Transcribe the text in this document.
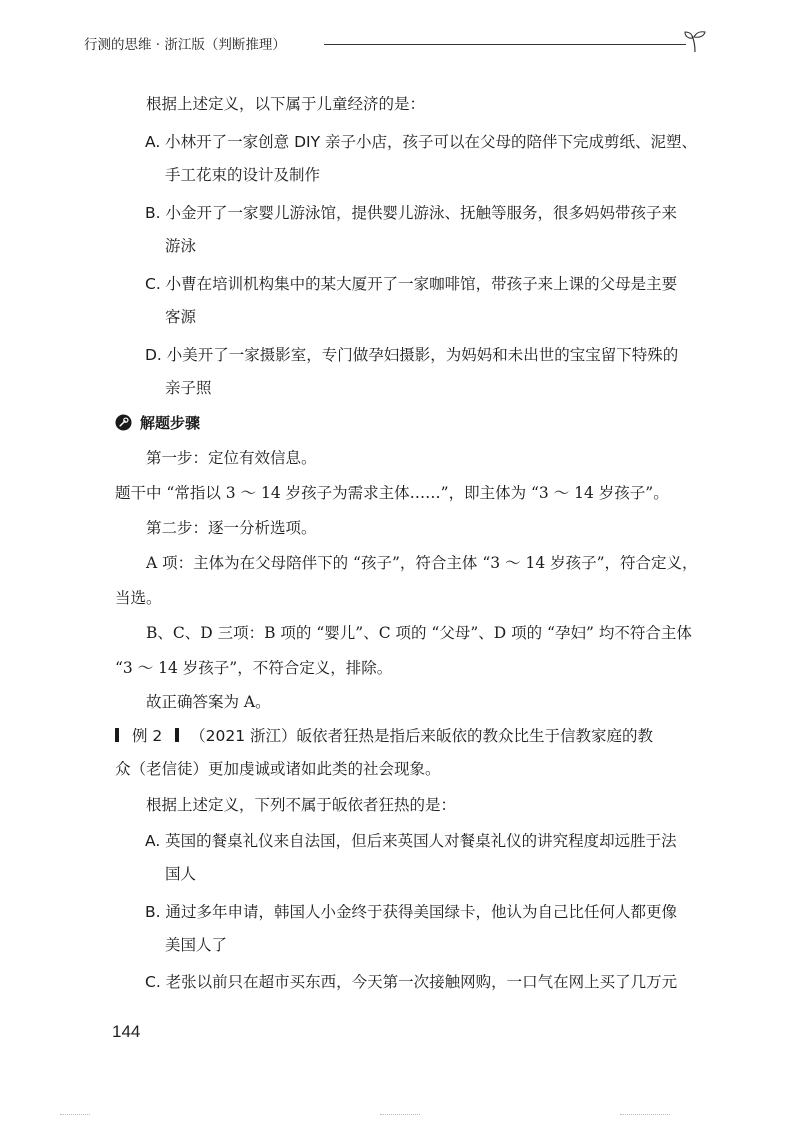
行测的思维 · 浙江版（判断推理）
根据上述定义，以下属于儿童经济的是：
A. 小林开了一家创意 DIY 亲子小店，孩子可以在父母的陪伴下完成剪纸、泥塑、
手工花束的设计及制作
B. 小金开了一家婴儿游泳馆，提供婴儿游泳、抚触等服务，很多妈妈带孩子来
游泳
C. 小曹在培训机构集中的某大厦开了一家咖啡馆，带孩子来上课的父母是主要
客源
D. 小美开了一家摄影室，专门做孕妇摄影，为妈妈和未出世的宝宝留下特殊的
亲子照
解题步骤
第一步：定位有效信息。
题干中 “常指以 3 ～ 14 岁孩子为需求主体……”，即主体为 “3 ～ 14 岁孩子”。
第二步：逐一分析选项。
A 项：主体为在父母陪伴下的 “孩子”，符合主体 “3 ～ 14 岁孩子”，符合定义，
当选。
B、C、D 三项：B 项的 “婴儿”、C 项的 “父母”、D 项的 “孕妇” 均不符合主体
“3 ～ 14 岁孩子”，不符合定义，排除。
故正确答案为 A。
例 2 （2021 浙江）皈依者狂热是指后来皈依的教众比生于信教家庭的教
众（老信徒）更加虔诚或诸如此类的社会现象。
根据上述定义，下列不属于皈依者狂热的是：
A. 英国的餐桌礼仪来自法国，但后来英国人对餐桌礼仪的讲究程度却远胜于法
国人
B. 通过多年申请，韩国人小金终于获得美国绿卡，他认为自己比任何人都更像
美国人了
C. 老张以前只在超市买东西，今天第一次接触网购，一口气在网上买了几万元
144
